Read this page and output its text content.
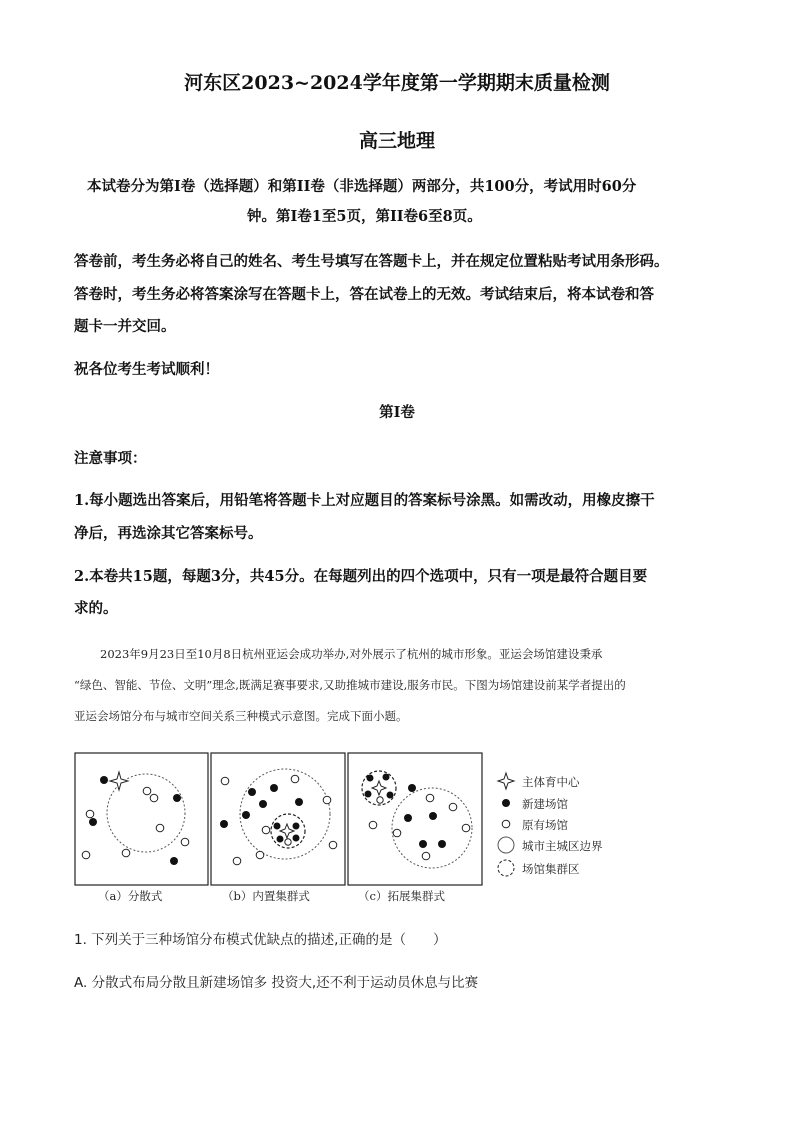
河东区2023~2024学年度第一学期期末质量检测
高三地理
本试卷分为第Ⅰ卷（选择题）和第II卷（非选择题）两部分，共100分，考试用时60分
钟。第Ⅰ卷1至5页，第II卷6至8页。
答卷前，考生务必将自己的姓名、考生号填写在答题卡上，并在规定位置粘贴考试用条形码。
答卷时，考生务必将答案涂写在答题卡上，答在试卷上的无效。考试结束后，将本试卷和答
题卡一并交回。
祝各位考生考试顺利！
第Ⅰ卷
注意事项：
1.每小题选出答案后，用铅笔将答题卡上对应题目的答案标号涂黑。如需改动，用橡皮擦干
净后，再选涂其它答案标号。
2.本卷共15题，每题3分，共45分。在每题列出的四个选项中，只有一项是最符合题目要
求的。
2023年9月23日至10月8日杭州亚运会成功举办,对外展示了杭州的城市形象。亚运会场馆建设秉承
“绿色、智能、节俭、文明”理念,既满足赛事要求,又助推城市建设,服务市民。下图为场馆建设前某学者提出的
亚运会场馆分布与城市空间关系三种模式示意图。完成下面小题。
主体育中心
新建场馆
原有场馆
城市主城区边界
场馆集群区
（a）分散式	（b）内置集群式	（c）拓展集群式
1. 下列关于三种场馆分布模式优缺点的描述,正确的是（　　）
A. 分散式布局分散且新建场馆多 投资大,还不利于运动员休息与比赛
